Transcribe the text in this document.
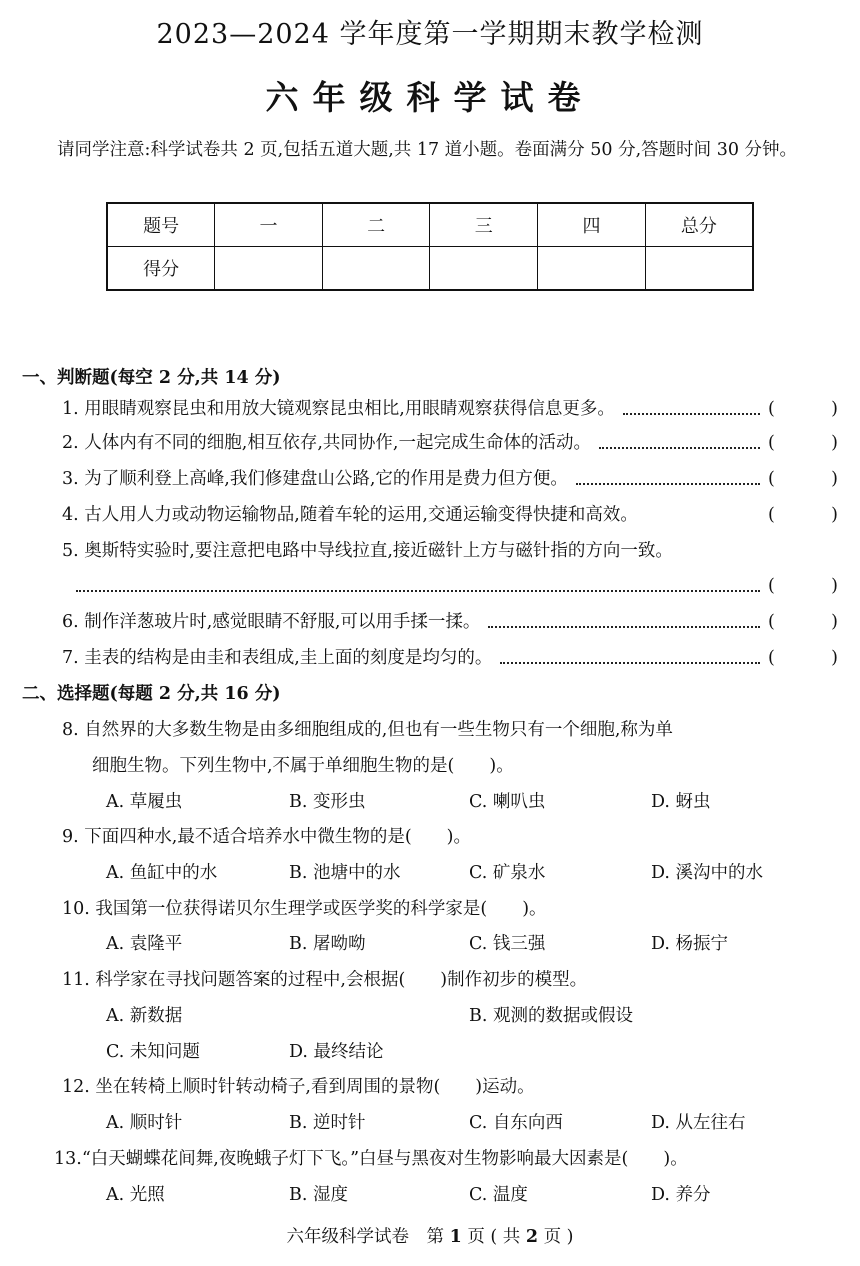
2023—2024 学年度第一学期期末教学检测
六年级科学试卷
请同学注意:科学试卷共 2 页,包括五道大题,共 17 道小题。卷面满分 50 分,答题时间 30 分钟。
题号	一	二	三	四	总分
得分					
一、判断题(每空 2 分,共 14 分)
1. 用眼睛观察昆虫和用放大镜观察昆虫相比,用眼睛观察获得信息更多。	(	)
2. 人体内有不同的细胞,相互依存,共同协作,一起完成生命体的活动。	(	)
3. 为了顺利登上高峰,我们修建盘山公路,它的作用是费力但方便。	(	)
4. 古人用人力或动物运输物品,随着车轮的运用,交通运输变得快捷和高效。	(	)
5. 奥斯特实验时,要注意把电路中导线拉直,接近磁针上方与磁针指的方向一致。
(	)
6. 制作洋葱玻片时,感觉眼睛不舒服,可以用手揉一揉。	(	)
7. 圭表的结构是由圭和表组成,圭上面的刻度是均匀的。	(	)
二、选择题(每题 2 分,共 16 分)
8. 自然界的大多数生物是由多细胞组成的,但也有一些生物只有一个细胞,称为单
细胞生物。下列生物中,不属于单细胞生物的是(　　)。
A. 草履虫	B. 变形虫	C. 喇叭虫	D. 蚜虫
9. 下面四种水,最不适合培养水中微生物的是(　　)。
A. 鱼缸中的水	B. 池塘中的水	C. 矿泉水	D. 溪沟中的水
10. 我国第一位获得诺贝尔生理学或医学奖的科学家是(　　)。
A. 袁隆平	B. 屠呦呦	C. 钱三强	D. 杨振宁
11. 科学家在寻找问题答案的过程中,会根据(　　)制作初步的模型。
A. 新数据	B. 观测的数据或假设
C. 未知问题	D. 最终结论
12. 坐在转椅上顺时针转动椅子,看到周围的景物(　　)运动。
A. 顺时针	B. 逆时针	C. 自东向西	D. 从左往右
13.“白天蝴蝶花间舞,夜晚蛾子灯下飞。”白昼与黑夜对生物影响最大因素是(　　)。
A. 光照	B. 湿度	C. 温度	D. 养分
六年级科学试卷　第 1 页 ( 共 2 页 )
